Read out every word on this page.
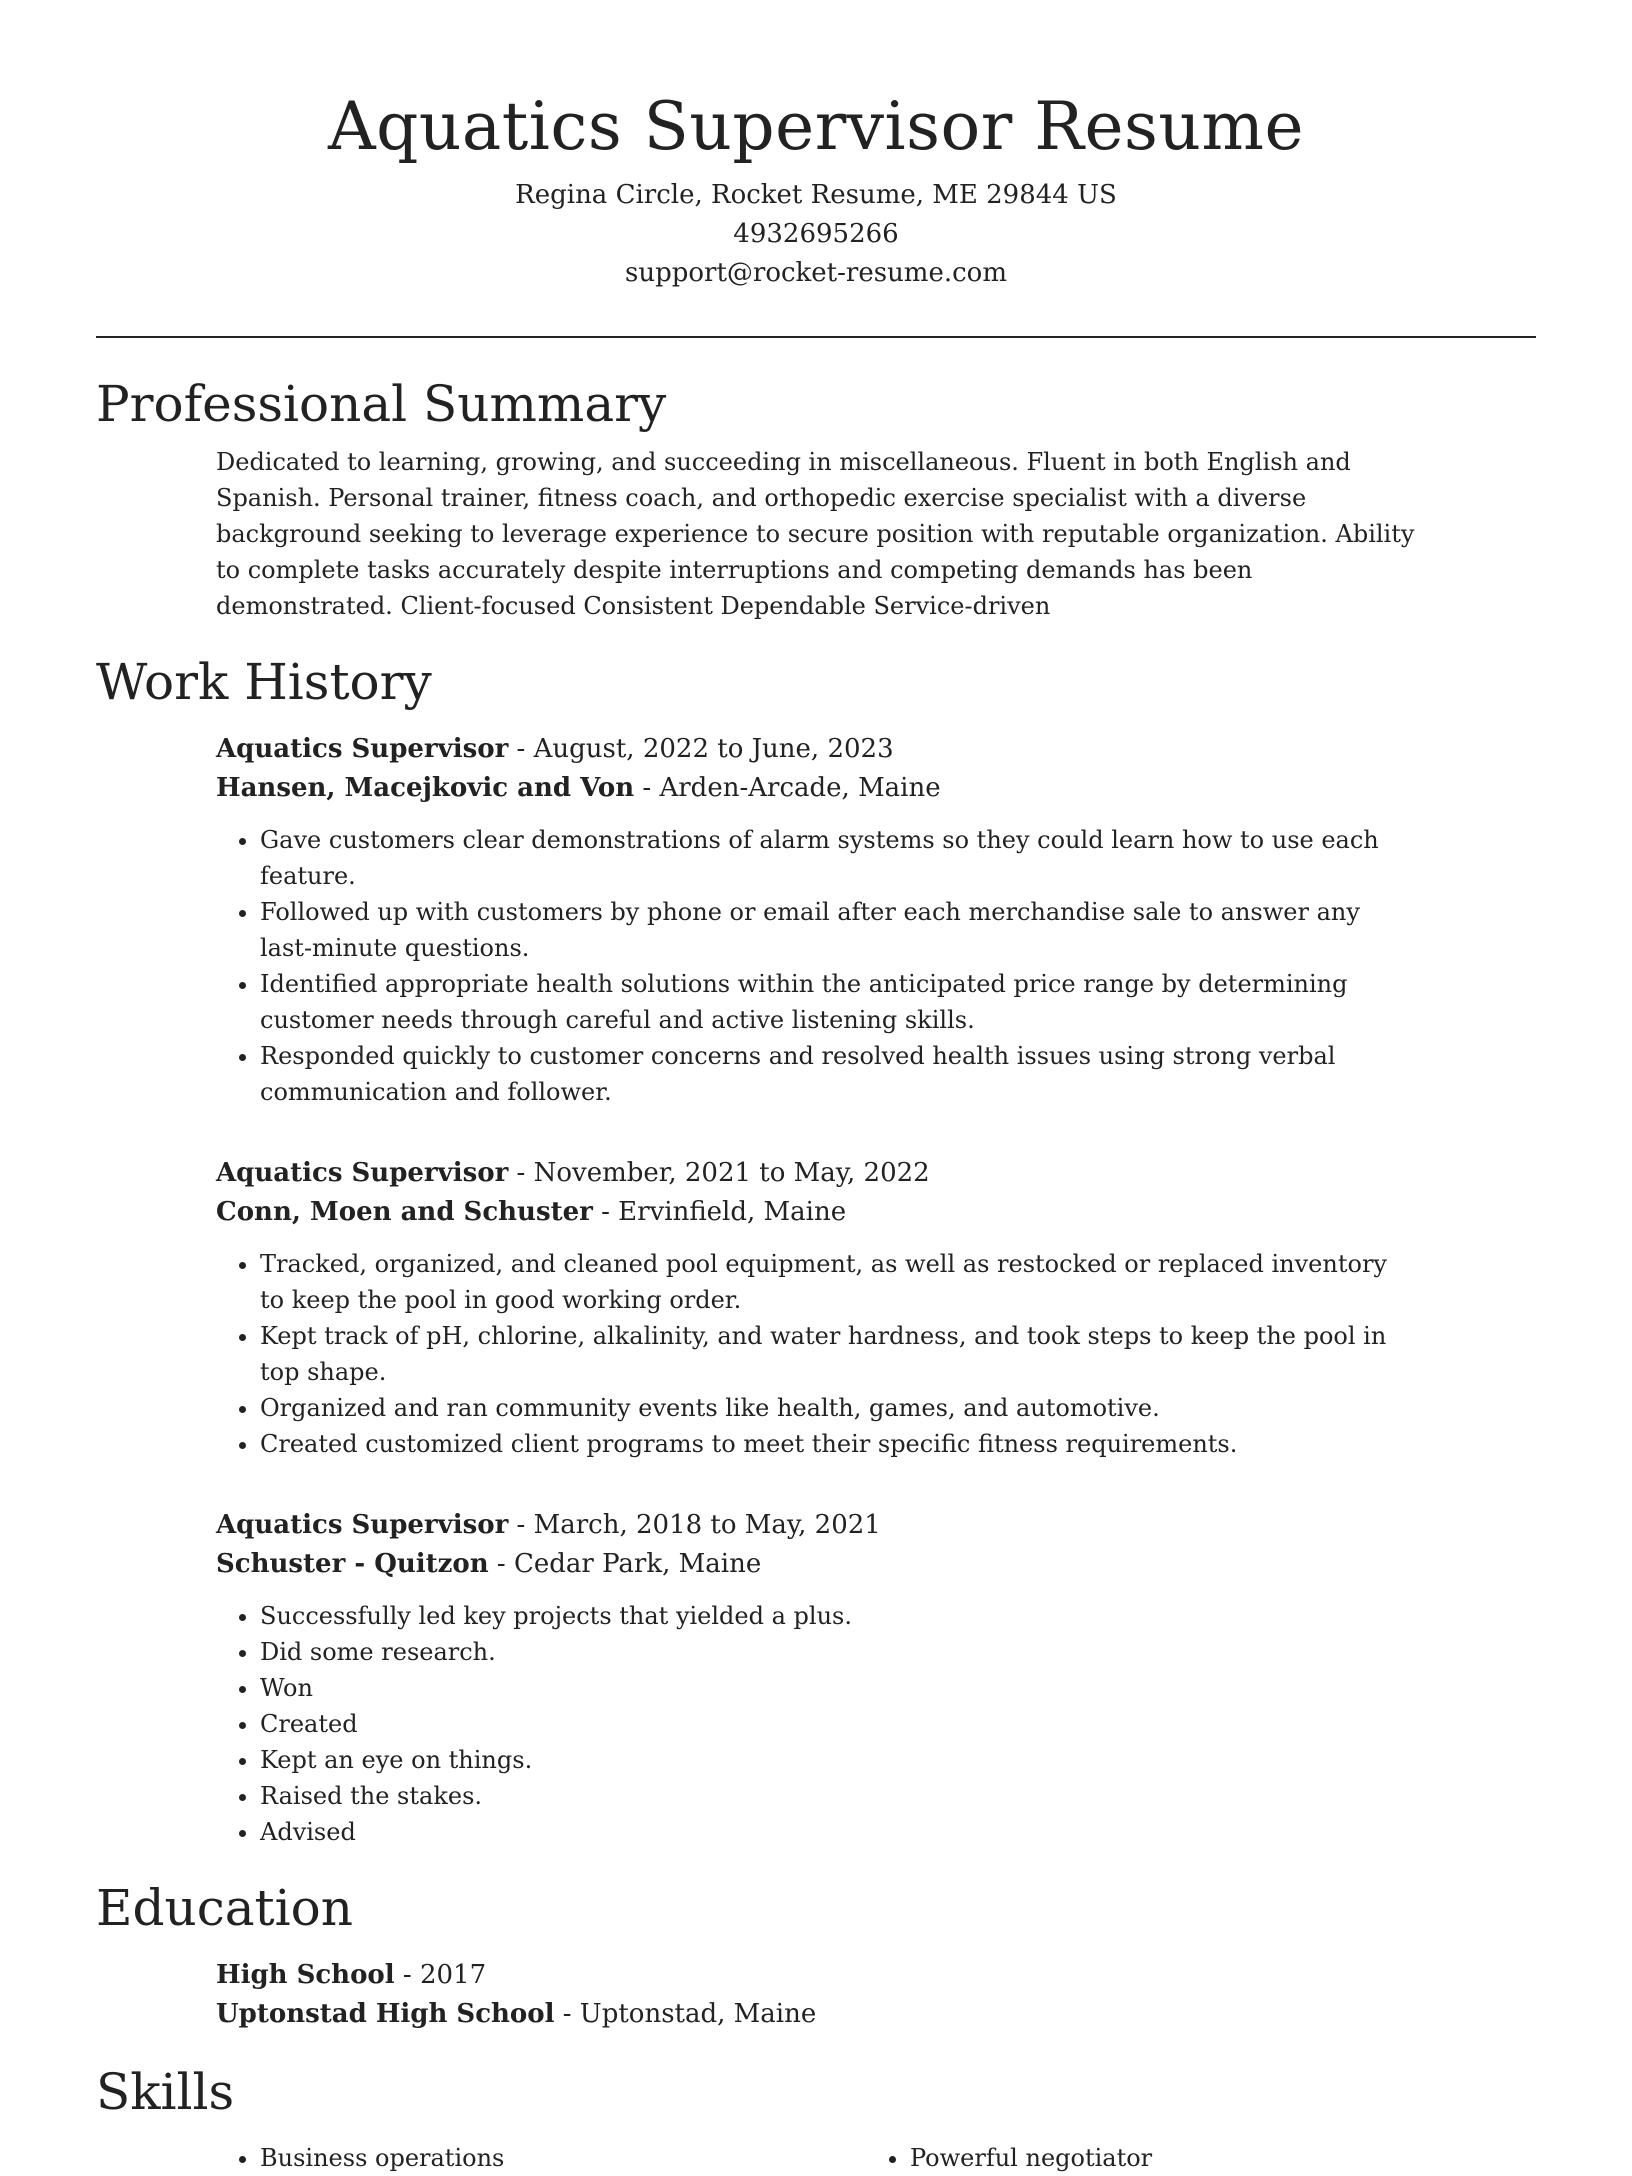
Aquatics Supervisor Resume

Regina Circle, Rocket Resume, ME 29844 US

4932695266

support@rocket-resume.com

Professional Summary

Dedicated to learning, growing, and succeeding in miscellaneous. Fluent in both English and Spanish. Personal trainer, fitness coach, and orthopedic exercise specialist with a diverse background seeking to leverage experience to secure position with reputable organization. Ability to complete tasks accurately despite interruptions and competing demands has been demonstrated. Client-focused Consistent Dependable Service-driven

Work History

Aquatics Supervisor - August, 2022 to June, 2023

Hansen, Macejkovic and Von - Arden-Arcade, Maine

• Gave customers clear demonstrations of alarm systems so they could learn how to use each feature.
• Followed up with customers by phone or email after each merchandise sale to answer any last-minute questions.
• Identified appropriate health solutions within the anticipated price range by determining customer needs through careful and active listening skills.
• Responded quickly to customer concerns and resolved health issues using strong verbal communication and follower.

Aquatics Supervisor - November, 2021 to May, 2022

Conn, Moen and Schuster - Ervinfield, Maine

• Tracked, organized, and cleaned pool equipment, as well as restocked or replaced inventory to keep the pool in good working order.
• Kept track of pH, chlorine, alkalinity, and water hardness, and took steps to keep the pool in top shape.
• Organized and ran community events like health, games, and automotive.
• Created customized client programs to meet their specific fitness requirements.

Aquatics Supervisor - March, 2018 to May, 2021

Schuster - Quitzon - Cedar Park, Maine

• Successfully led key projects that yielded a plus.
• Did some research.
• Won
• Created
• Kept an eye on things.
• Raised the stakes.
• Advised
Education

High School - 2017

Uptonstad High School - Uptonstad, Maine

Skills
• Business operations
•	Powerful negotiator
